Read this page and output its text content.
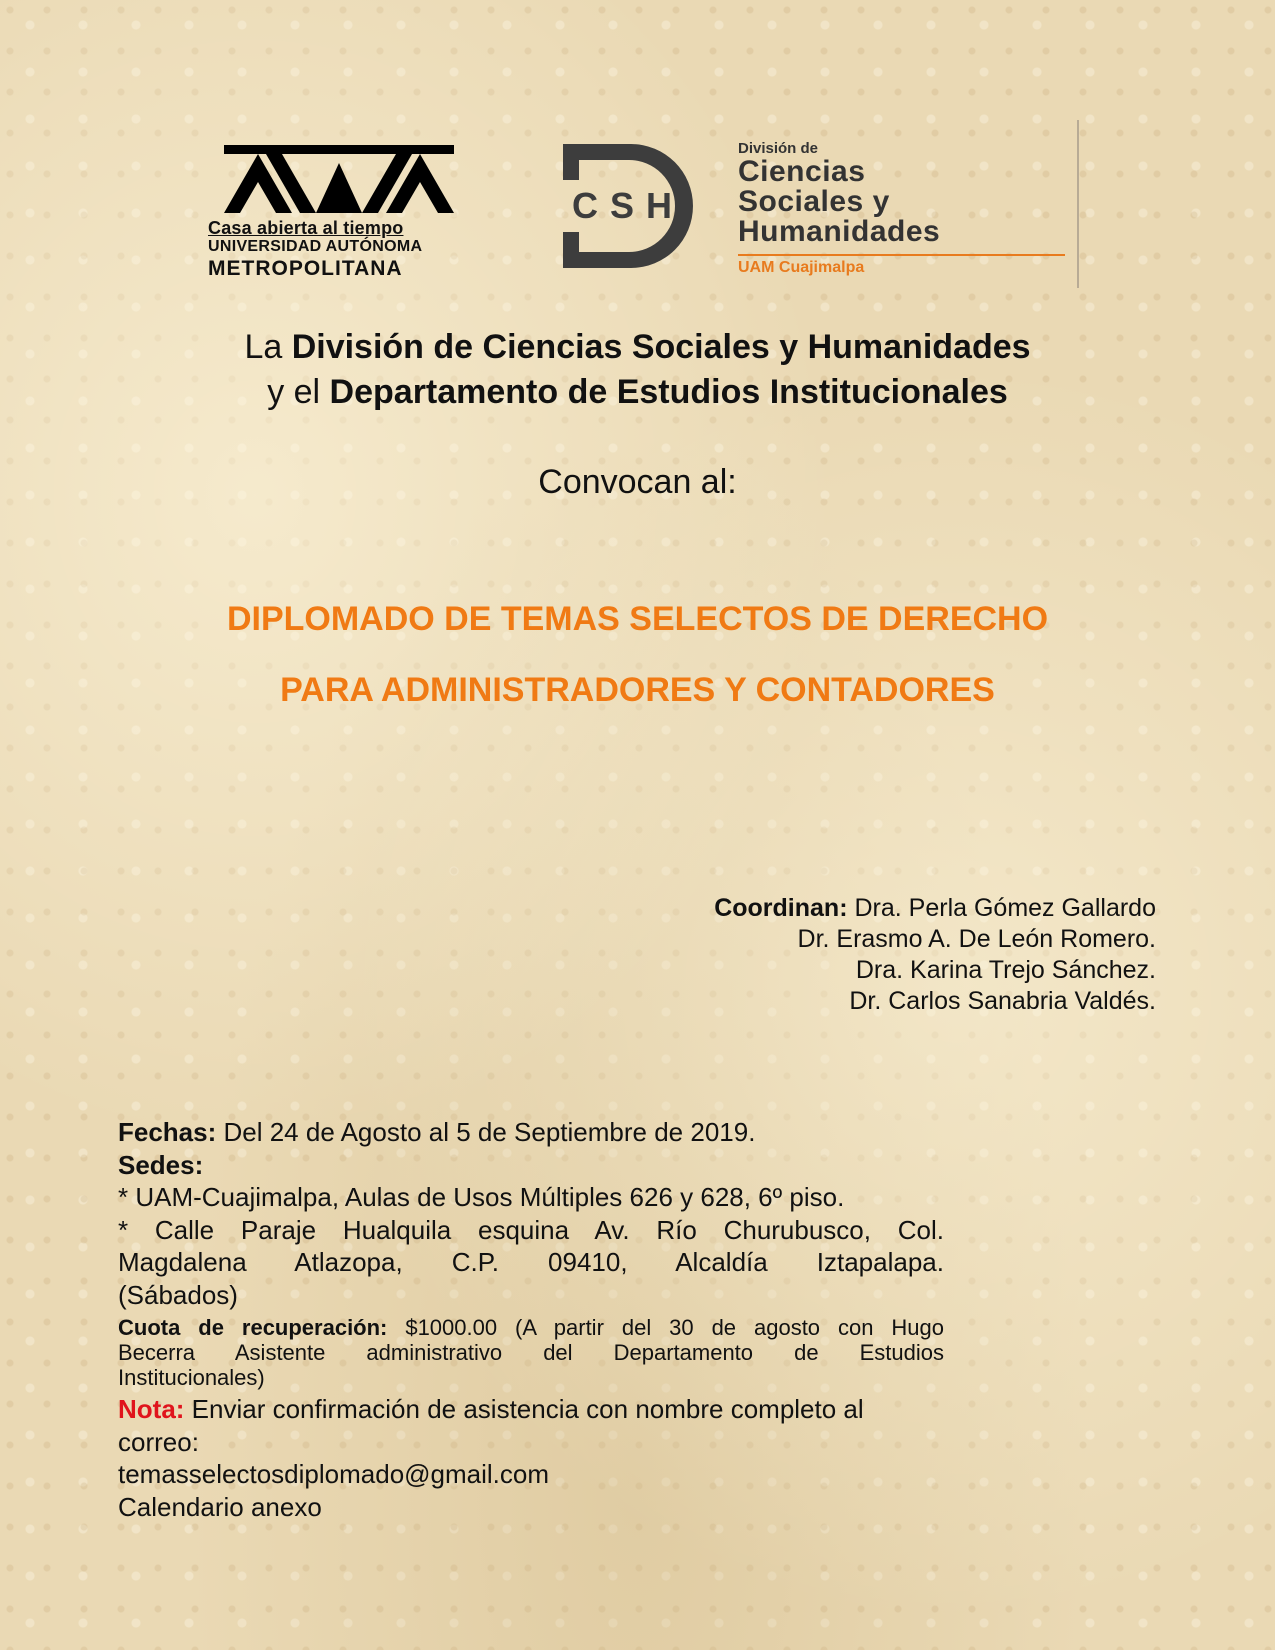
Casa abierta al tiempo
UNIVERSIDAD AUTÓNOMA
METROPOLITANA
CSH
División de
Ciencias
Sociales y
Humanidades
UAM Cuajimalpa
La División de Ciencias Sociales y Humanidades
y el Departamento de Estudios Institucionales
Convocan al:
DIPLOMADO DE TEMAS SELECTOS DE DERECHO
PARA ADMINISTRADORES Y CONTADORES
Coordinan: Dra. Perla Gómez Gallardo
Dr. Erasmo A. De León Romero.
Dra. Karina Trejo Sánchez.
Dr. Carlos Sanabria Valdés.
Fechas: Del 24 de Agosto al 5 de Septiembre de 2019.
Sedes:
* UAM-Cuajimalpa, Aulas de Usos Múltiples 626 y 628, 6º piso.
* Calle Paraje Hualquila esquina Av. Río Churubusco, Col.
Magdalena Atlazopa, C.P. 09410, Alcaldía Iztapalapa.
(Sábados)
Cuota de recuperación: $1000.00 (A partir del 30 de agosto con Hugo
Becerra Asistente administrativo del Departamento de Estudios
Institucionales)
Nota: Enviar confirmación de asistencia con nombre completo al
correo:
temasselectosdiplomado@gmail.com
Calendario anexo
